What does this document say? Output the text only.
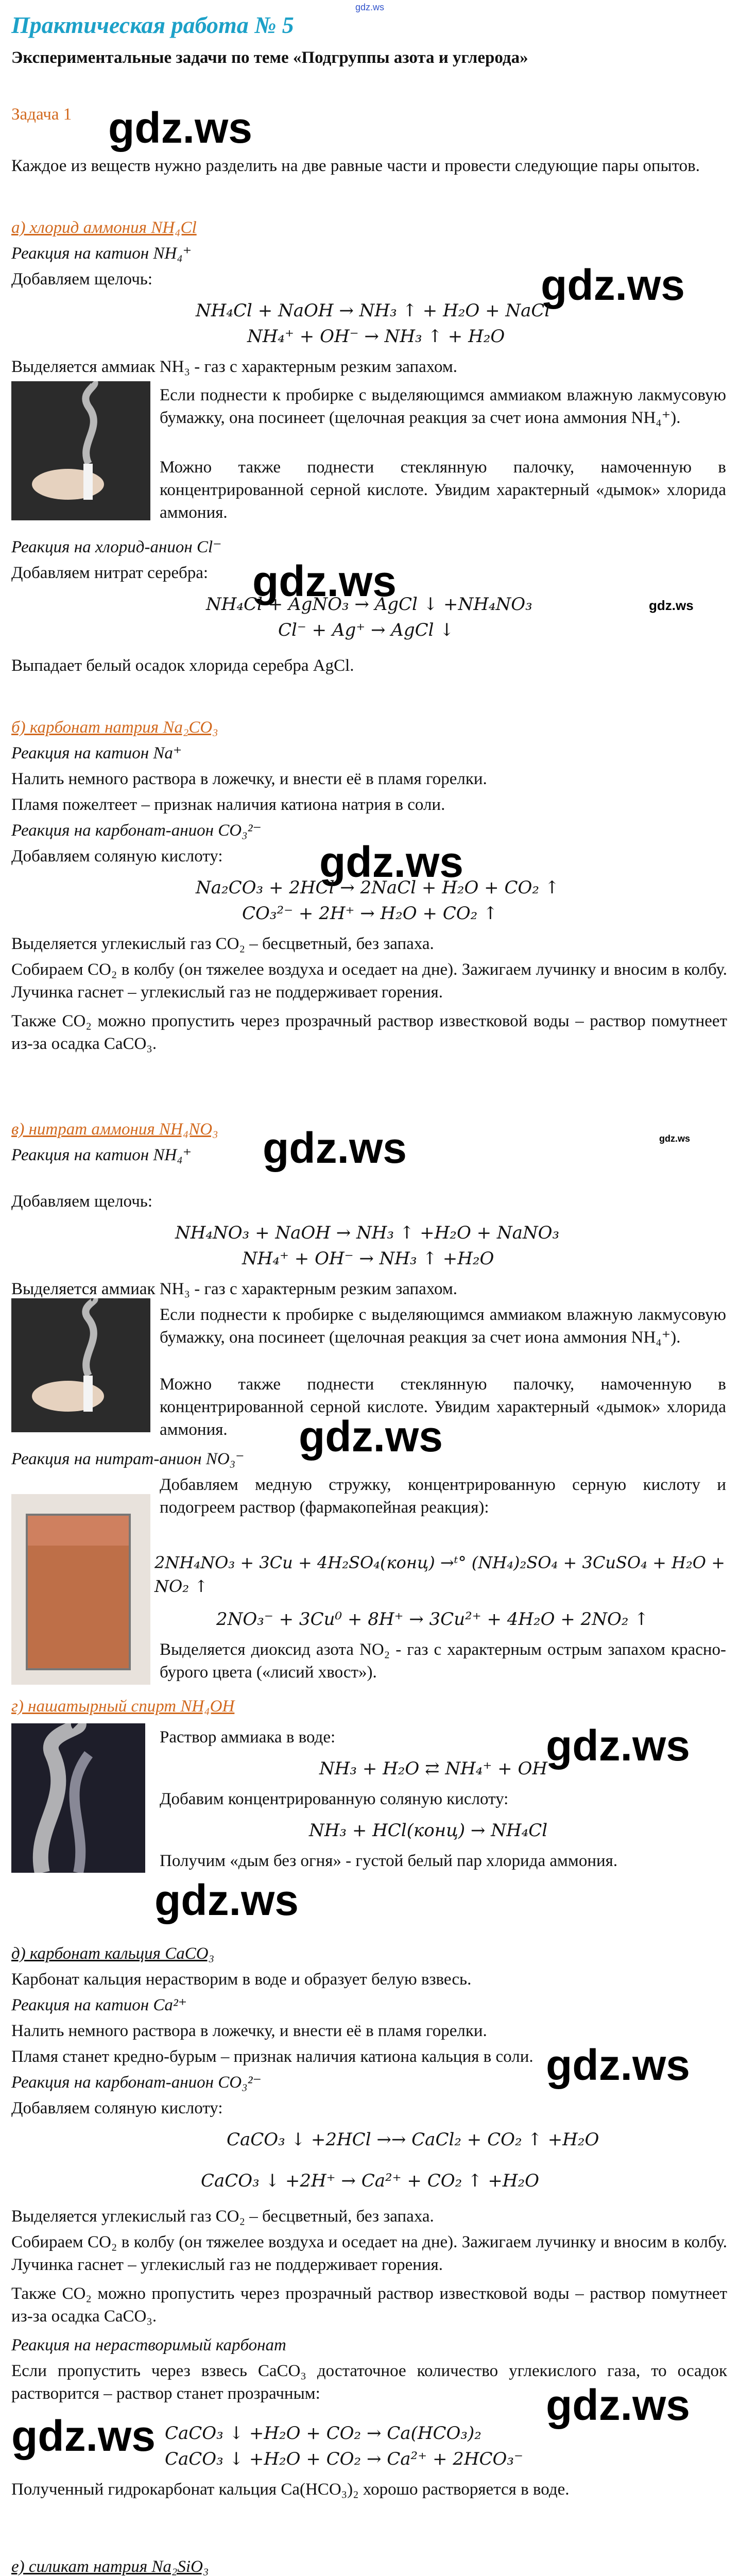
gdz.ws
Практическая работа № 5
Экспериментальные задачи по теме «Подгруппы азота и углерода»
Задача 1 gdz.ws
Каждое из веществ нужно разделить на две равные части и провести следующие пары опытов.
а) хлорид аммония NH₄Cl
Реакция на катион NH₄⁺
Добавляем щелочь:	gdz.ws
NH₄Cl + NaOH → NH₃ ↑ + H₂O + NaCl
NH₄⁺ + OH⁻ → NH₃ ↑ + H₂O
Выделяется аммиак NH₃ - газ с характерным резким запахом.
Если поднести к пробирке с выделяющимся аммиаком влажную лакмусовую бумажку, она посинеет (щелочная реакция за счет иона аммония NH₄⁺).
Можно также поднести стеклянную палочку, намоченную в концентрированной серной кислоте. Увидим характерный «дымок» хлорида аммония.
Реакция на хлорид-анион Cl⁻
Добавляем нитрат серебра: gdz.ws	gdz.ws
NH₄Cl + AgNO₃ → AgCl ↓ +NH₄NO₃
Cl⁻ + Ag⁺ → AgCl ↓
Выпадает белый осадок хлорида серебра AgCl.
б) карбонат натрия Na₂CO₃
Реакция на катион Na⁺
Налить немного раствора в ложечку, и внести её в пламя горелки.
Пламя пожелтеет – признак наличия катиона натрия в соли.
Реакция на карбонат-анион CO₃²⁻
Добавляем соляную кислоту: gdz.ws
Na₂CO₃ + 2HCl → 2NaCl + H₂O + CO₂ ↑
CO₃²⁻ + 2H⁺ → H₂O + CO₂ ↑
Выделяется углекислый газ CO₂ – бесцветный, без запаха.
Собираем CO₂ в колбу (он тяжелее воздуха и оседает на дне). Зажигаем лучинку и вносим в колбу. Лучинка гаснет – углекислый газ не поддерживает горения.
Также CO₂ можно пропустить через прозрачный раствор известковой воды – раствор помутнеет из-за осадка CaCO₃.
в) нитрат аммония NH₄NO₃ gdz.ws	gdz.ws
Реакция на катион NH₄⁺
Добавляем щелочь:
NH₄NO₃ + NaOH → NH₃ ↑ +H₂O + NaNO₃
NH₄⁺ + OH⁻ → NH₃ ↑ +H₂O
Выделяется аммиак NH₃ - газ с характерным резким запахом.
Если поднести к пробирке с выделяющимся аммиаком влажную лакмусовую бумажку, она посинеет (щелочная реакция за счет иона аммония NH₄⁺).
Можно также поднести стеклянную палочку, намоченную в концентрированной серной кислоте. Увидим характерный «дымок» хлорида аммония.	gdz.ws
Реакция на нитрат-анион NO₃⁻
Добавляем медную стружку, концентрированную серную кислоту и подогреем раствор (фармакопейная реакция):
2NH₄NO₃ + 3Cu + 4H₂SO₄(конц) →ᵗ° (NH₄)₂SO₄ + 3CuSO₄ + H₂O + NO₂ ↑
2NO₃⁻ + 3Cu⁰ + 8H⁺ → 3Cu²⁺ + 4H₂O + 2NO₂ ↑
Выделяется диоксид азота NO₂ - газ с характерным острым запахом красно-бурого цвета («лисий хвост»).
г) нашатырный спирт NH₄OH
Раствор аммиака в воде:	gdz.ws
NH₃ + H₂O ⇄ NH₄⁺ + OH⁻
Добавим концентрированную соляную кислоту:
NH₃ + HCl(конц) → NH₄Cl
Получим «дым без огня» - густой белый пар хлорида аммония.
gdz.ws
д) карбонат кальция CaCO₃
Карбонат кальция нерастворим в воде и образует белую взвесь.
Реакция на катион Ca²⁺
Налить немного раствора в ложечку, и внести её в пламя горелки.
Пламя станет кредно-бурым – признак наличия катиона кальция в соли. gdz.ws
Реакция на карбонат-анион CO₃²⁻
Добавляем соляную кислоту:
CaCO₃ ↓ +2HCl →→ CaCl₂ + CO₂ ↑ +H₂O
CaCO₃ ↓ +2H⁺ → Ca²⁺ + CO₂ ↑ +H₂O
Выделяется углекислый газ CO₂ – бесцветный, без запаха.
Собираем CO₂ в колбу (он тяжелее воздуха и оседает на дне). Зажигаем лучинку и вносим в колбу. Лучинка гаснет – углекислый газ не поддерживает горения.
Также CO₂ можно пропустить через прозрачный раствор известковой воды – раствор помутнеет из-за осадка CaCO₃.
Реакция на нерастворимый карбонат
Если пропустить через взвесь CaCO₃ достаточное количество углекислого газа, то осадок растворится – раствор станет прозрачным:
gdz.ws
gdz.ws
CaCO₃ ↓ +H₂O + CO₂ → Ca(HCO₃)₂
CaCO₃ ↓ +H₂O + CO₂ → Ca²⁺ + 2HCO₃⁻
Полученный гидрокарбонат кальция Ca(HCO₃)₂ хорошо растворяется в воде.
е) силикат натрия Na₂SiO₃
